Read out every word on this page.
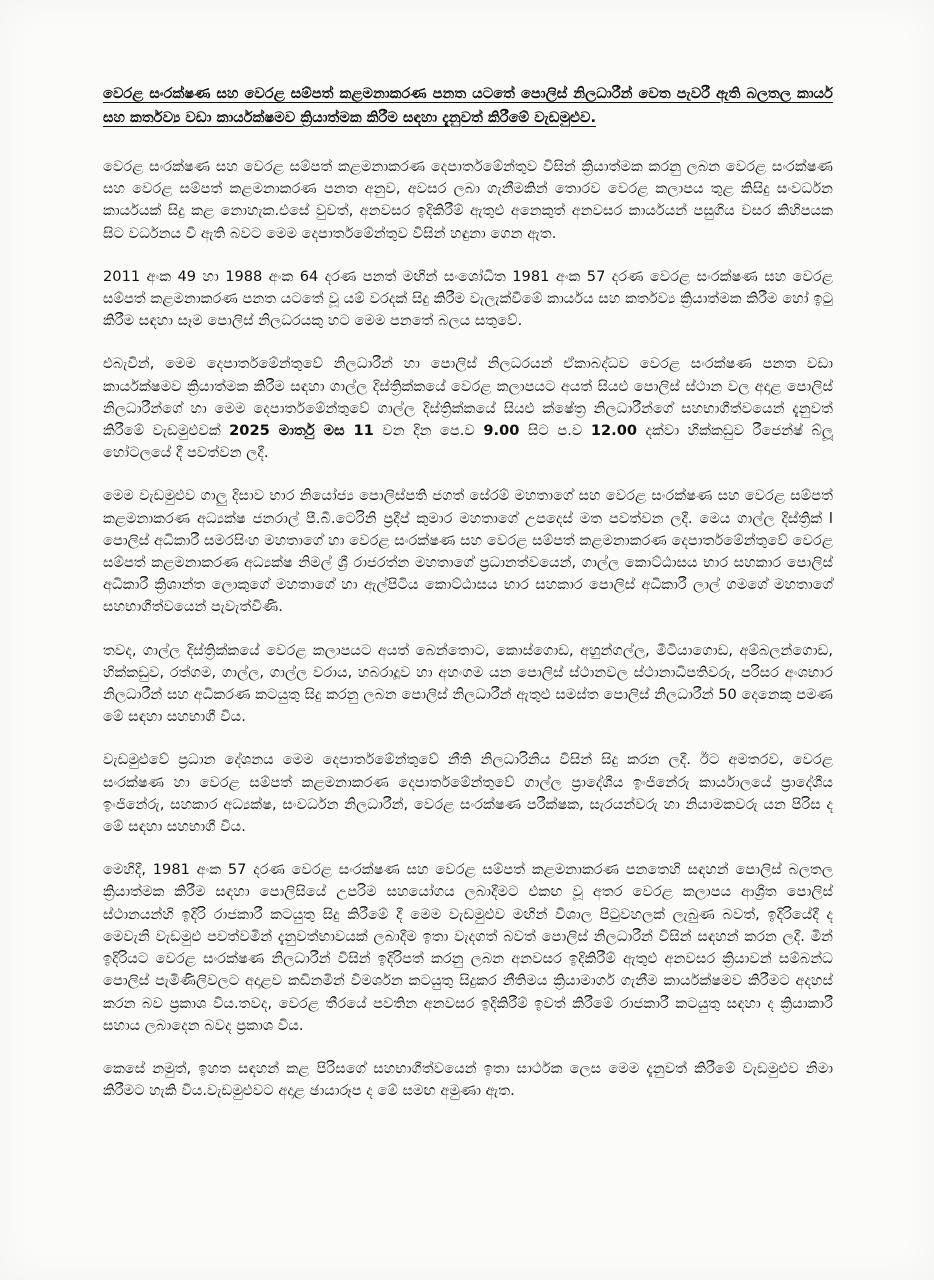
වෙරළ සංරක්ෂණ සහ වෙරළ සම්පත් කළමනාකරණ පනත යටතේ පොලිස් නිලධාරීන් වෙත පැවරී ඇති බලතල කාර්ය සහ කර්තව්‍ය වඩා කාර්යක්ෂමව ක්‍රියාත්මක කිරීම සඳහා දැනුවත් කිරීමේ වැඩමුළුව.

වෙරළ සංරක්ෂණ සහ වෙරළ සම්පත් කළමනාකරණ දෙපාර්තමේන්තුව විසින් ක්‍රියාත්මක කරනු ලබන වෙරළ සංරක්ෂණ සහ වෙරළ සම්පත් කළමනාකරණ පනත අනුව, අවසර ලබා ගැනීමකින් තොරව වෙරළ කලාපය තුළ කිසිදු සංවර්ධන කාර්යයක් සිදු කළ නොහැක.එසේ වුවත්, අනවසර ඉදිකිරීම් ඇතුළු අනෙකුත් අනවසර කාර්යයන් පසුගිය වසර කිහිපයක සිට වර්ධනය වී ඇති බවට මෙම දෙපාර්තමේන්තුව විසින් හඳුනා ගෙන ඇත.

2011 අංක 49 හා 1988 අංක 64 දරණ පනත් මඟින් සංශෝධිත 1981 අංක 57 දරණ වෙරළ සංරක්ෂණ සහ වෙරළ සම්පත් කළමනාකරණ පනත යටතේ වූ යම් වරදක් සිදු කිරීම වැලැක්වීමේ කාර්යය සහ කර්තව්‍ය ක්‍රියාත්මක කිරීම හෝ ඉටු කිරීම සඳහා සෑම පොලිස් නිලධරයකු හට මෙම පනතේ බලය සතුවේ.

එබැවින්, මෙම දෙපාර්තමේන්තුවේ නිලධාරීන් හා පොලිස් නිලධරයන් ඒකාබද්ධව වෙරළ සංරක්ෂණ පනත වඩා කාර්යක්ෂමව ක්‍රියාත්මක කිරීම සඳහා ගාල්ල දිස්ත්‍රික්කයේ වෙරළ කලාපයට අයත් සියළු පොලිස් ස්ථාන වල අදාළ පොලිස් නිලධාරීන්ගේ හා මෙම දෙපාර්තමේන්තුවේ ගාල්ල දිස්ත්‍රික්කයේ සියළු ක්ෂේත්‍ර නිලධාරීන්ගේ සහභාගීත්වයෙන් දැනුවත් කිරීමේ වැඩමුළුවක් 2025 මාර්තු මස 11 වන දින පෙ.ව 9.00 සිට ප.ව 12.00 දක්වා හික්කඩුව රීජෙන්ෂ් බ්ලූ හෝටලයේ දී පවත්වන ලදී.

මෙම වැඩමුළුව ගාලු දිසාව භාර නියෝජ්‍ය පොලිස්පති ජගත් සේරම් මහතාගේ සහ වෙරළ සංරක්ෂණ සහ වෙරළ සම්පත් කළමනාකරණ අධ්‍යක්ෂ ජනරාල් පී.බී.ටෙරිනි ප්‍රදීප් කුමාර මහතාගේ උපදෙස් මත පවත්වන ලදී. මෙය ගාල්ල දිස්ත්‍රික් l පොලිස් අධිකාරී සමරසිංහ මහතාගේ හා වෙරළ සංරක්ෂණ සහ වෙරළ සම්පත් කළමනාකරණ දෙපාර්තමේන්තුවේ වෙරළ සම්පත් කළමනාකරණ අධ්‍යක්ෂ නිමල් ශ්‍රී රාජරත්න මහතාගේ ප්‍රධානත්වයෙන්, ගාල්ල කොට්ඨාසය භාර සහකාර පොලිස් අධිකාරී ක්‍රිශාන්ත ලොකුගේ මහතාගේ හා ඇල්පිටිය කොට්ඨාසය භාර සහකාර පොලිස් අධිකාරී ලාල් ගමගේ මහතාගේ සහභාගීත්වයෙන් පැවැත්විණි.

තවද, ගාල්ල දිස්ත්‍රික්කයේ වෙරළ කලාපයට අයත් බෙන්තොට, කොස්ගොඩ, අහුන්ගල්ල, මීටියාගොඩ, අම්බලන්ගොඩ, හික්කඩුව, රත්ගම, ගාල්ල, ගාල්ල වරාය, හබරාදූව හා අහංගම යන පොලිස් ස්ථානවල ස්ථානාධිපතිවරු, පරිසර අංශභාර නිලධාරීන් සහ අධිකරණ කටයුතු සිදු කරනු ලබන පොලිස් නිලධාරීන් ඇතුළු සමස්ත පොලිස් නිලධාරීන් 50 දෙනෙකු පමණ මේ සඳහා සහභාගී විය.

වැඩමුළුවේ ප්‍රධාන දේශනය මෙම දෙපාර්තමේන්තුවේ නීති නිලධාරිනිය විසින් සිදු කරන ලදී. ඊට අමතරව, වෙරළ සංරක්ෂණ හා වෙරළ සම්පත් කළමනාකරණ දෙපාර්තමේන්තුවේ ගාල්ල ප්‍රාදේශීය ඉංජිනේරු කාර්යාලයේ ප්‍රාදේශීය ඉංජිනේරු, සහකාර අධ්‍යක්ෂ, සංවර්ධන නිලධාරීන්, වෙරළ සංරක්ෂණ පරීක්ෂක, සැරයන්වරු හා නියාමකවරු යන පිරිස ද මේ සඳහා සහභාගී විය.

මෙහිදී, 1981 අංක 57 දරණ වෙරළ සංරක්ෂණ සහ වෙරළ සම්පත් කළමනාකරණ පනතෙහි සඳහන් පොලිස් බලතල ක්‍රියාත්මක කිරීම සඳහා පොලිසියේ උපරිම සහයෝගය ලබාදීමට එකඟ වූ අතර වෙරළ කලාපය ආශ්‍රිත පොලිස් ස්ථානයන්හි ඉදිරි රාජකාරී කටයුතු සිදු කිරීමේ දී මෙම වැඩමුළුව මඟින් විශාල පිටුවහලක් ලැබුණ බවත්, ඉදිරියේදී ද මෙවැනි වැඩමුළු පවත්වමින් දැනුවත්භාවයක් ලබාදීම ඉතා වැදගත් බවත් පොලිස් නිලධාරීන් විසින් සඳහන් කරන ලදී. මින් ඉදිරියට වෙරළ සංරක්ෂණ නිලධාරීන් විසින් ඉදිරිපත් කරනු ලබන අනවසර ඉදිකිරීම් ඇතුළු අනවසර ක්‍රියාවන් සම්බන්ධ පොලිස් පැමිණිලිවලට අදාළව කඩිනමින් විමර්ශන කටයුතු සිදුකර නීතිමය ක්‍රියාමාර්ග ගැනීම කාර්යක්ෂමව කිරීමට අදහස් කරන බව ප්‍රකාශ විය.තවද, වෙරළ තීරයේ පවතින අනවසර ඉදිකිරීම් ඉවත් කිරීමේ රාජකාරී කටයුතු සඳහා ද ක්‍රියාකාරී සහාය ලබාදෙන බවද ප්‍රකාශ විය.

කෙසේ නමුත්, ඉහත සඳහන් කළ පිරිසගේ සහභාගීත්වයෙන් ඉතා සාර්ථක ලෙස මෙම දැනුවත් කිරීමේ වැඩමුළුව නිමා කිරීමට හැකි විය.වැඩමුළුවට අදාළ ඡායාරූප ද මේ සමඟ අමුණා ඇත.
